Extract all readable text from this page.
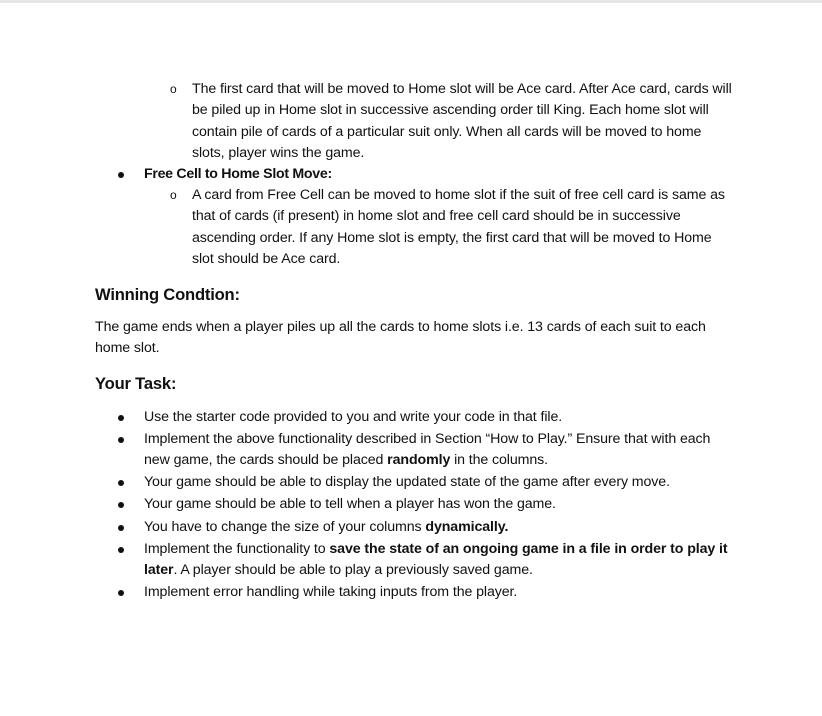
o The first card that will be moved to Home slot will be Ace card. After Ace card, cards will be piled up in Home slot in successive ascending order till King. Each home slot will contain pile of cards of a particular suit only. When all cards will be moved to home slots, player wins the game.

Free Cell to Home Slot Move:

o A card from Free Cell can be moved to home slot if the suit of free cell card is same as that of cards (if present) in home slot and free cell card should be in successive ascending order. If any Home slot is empty, the first card that will be moved to Home slot should be Ace card.

Winning Condtion:

The game ends when a player piles up all the cards to home slots i.e. 13 cards of each suit to each home slot.

Your Task:

Use the starter code provided to you and write your code in that file.

Implement the above functionality described in Section “How to Play.” Ensure that with each new game, the cards should be placed randomly in the columns.

Your game should be able to display the updated state of the game after every move.

Your game should be able to tell when a player has won the game.

You have to change the size of your columns dynamically.

Implement the functionality to save the state of an ongoing game in a file in order to play it later. A player should be able to play a previously saved game.

Implement error handling while taking inputs from the player.
